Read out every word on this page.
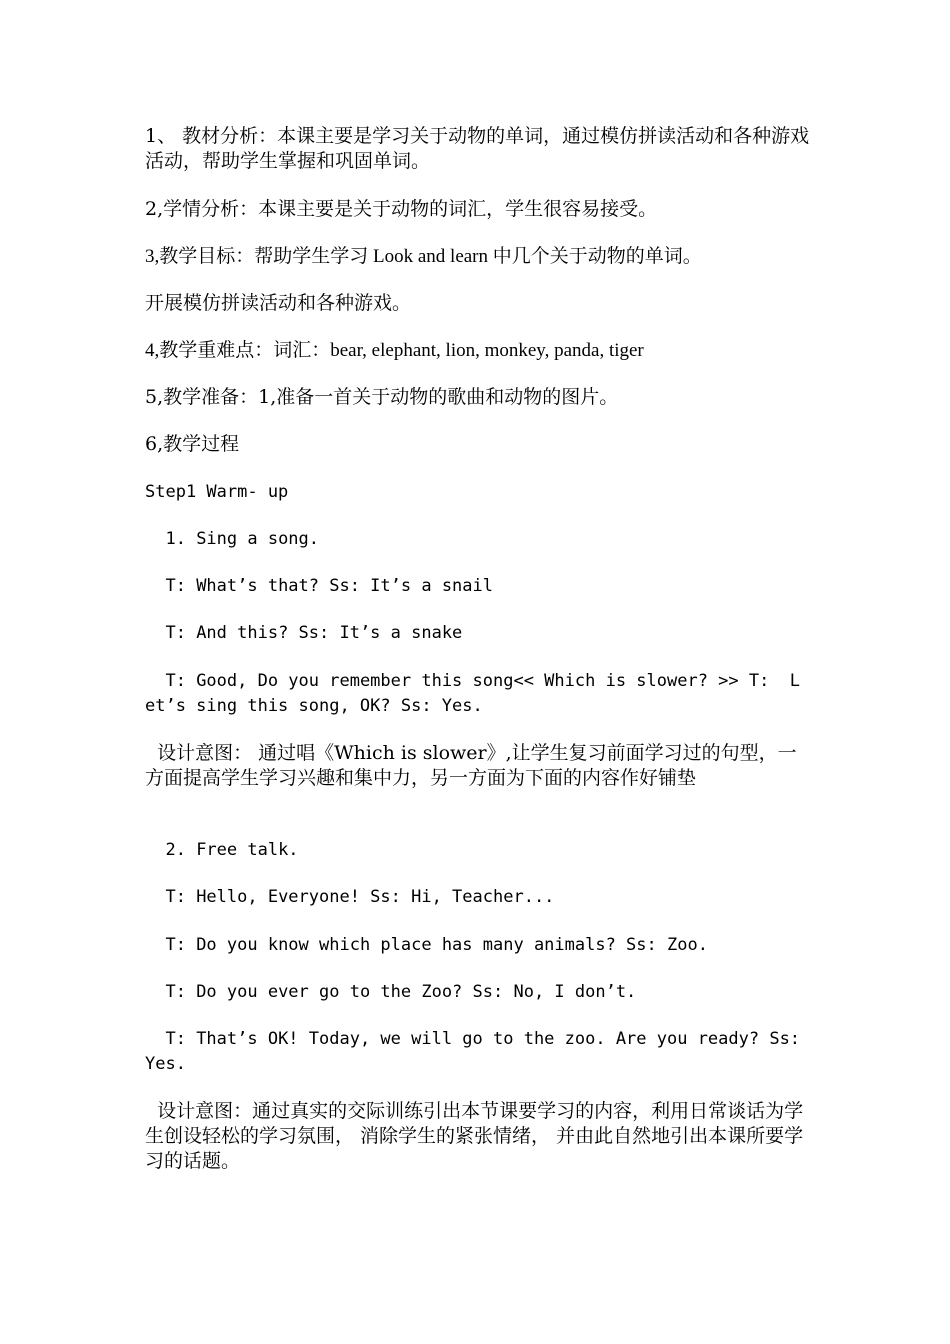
1、 教材分析：本课主要是学习关于动物的单词，通过模仿拼读活动和各种游戏活动，帮助学生掌握和巩固单词。

2,学情分析：本课主要是关于动物的词汇，学生很容易接受。

3,教学目标：帮助学生学习 Look and learn 中几个关于动物的单词。

开展模仿拼读活动和各种游戏。

4,教学重难点：词汇：bear, elephant, lion, monkey, panda, tiger

5,教学准备：1,准备一首关于动物的歌曲和动物的图片。

6,教学过程

Step1 Warm- up

1. Sing a song.

T: What’s that? Ss: It’s a snail

T: And this? Ss: It’s a snake

T: Good, Do you remember this song<< Which is slower? >> T:  Let’s sing this song, OK? Ss: Yes.

设计意图： 通过唱《Which is slower》,让学生复习前面学习过的句型，一方面提高学生学习兴趣和集中力，另一方面为下面的内容作好铺垫

2. Free talk.

T: Hello, Everyone! Ss: Hi, Teacher...

T: Do you know which place has many animals? Ss: Zoo.

T: Do you ever go to the Zoo? Ss: No, I don’t.

T: That’s OK! Today, we will go to the zoo. Are you ready? Ss: Yes.

设计意图：通过真实的交际训练引出本节课要学习的内容，利用日常谈话为学生创设轻松的学习氛围， 消除学生的紧张情绪， 并由此自然地引出本课所要学习的话题。
